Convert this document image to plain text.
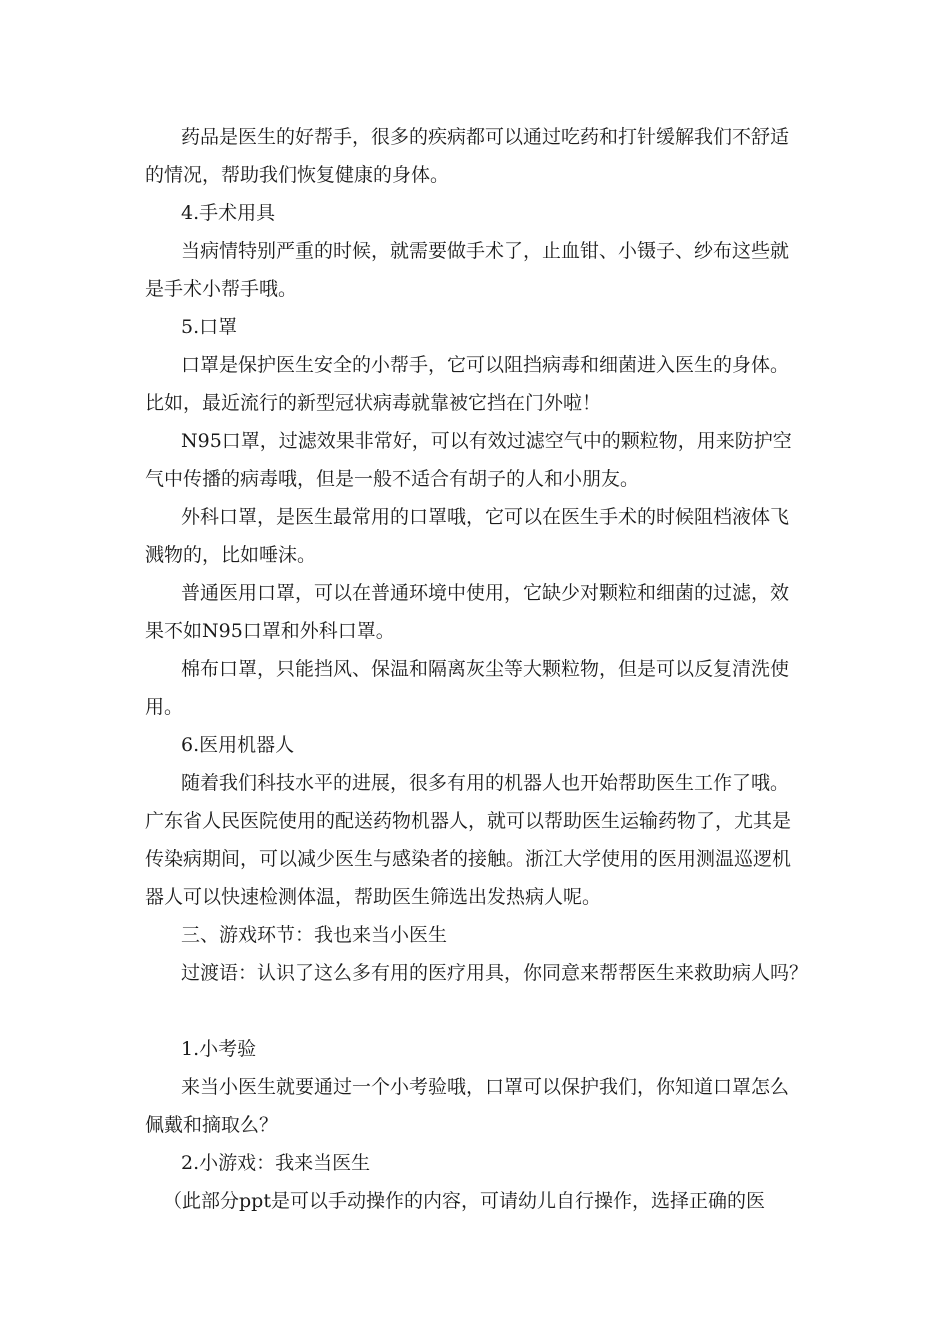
药品是医生的好帮手，很多的疾病都可以通过吃药和打针缓解我们不舒适
的情况，帮助我们恢复健康的身体。
4.手术用具
当病情特别严重的时候，就需要做手术了，止血钳、小镊子、纱布这些就
是手术小帮手哦。
5.口罩
口罩是保护医生安全的小帮手，它可以阻挡病毒和细菌进入医生的身体。
比如，最近流行的新型冠状病毒就靠被它挡在门外啦！
N95口罩，过滤效果非常好，可以有效过滤空气中的颗粒物，用来防护空
气中传播的病毒哦，但是一般不适合有胡子的人和小朋友。
外科口罩，是医生最常用的口罩哦，它可以在医生手术的时候阻档液体飞
溅物的，比如唾沫。
普通医用口罩，可以在普通环境中使用，它缺少对颗粒和细菌的过滤，效
果不如N95口罩和外科口罩。
棉布口罩，只能挡风、保温和隔离灰尘等大颗粒物，但是可以反复清洗使
用。
6.医用机器人
随着我们科技水平的进展，很多有用的机器人也开始帮助医生工作了哦。
广东省人民医院使用的配送药物机器人，就可以帮助医生运输药物了，尤其是
传染病期间，可以减少医生与感染者的接触。浙江大学使用的医用测温巡逻机
器人可以快速检测体温，帮助医生筛选出发热病人呢。
三、游戏环节：我也来当小医生
过渡语：认识了这么多有用的医疗用具，你同意来帮帮医生来救助病人吗？
1.小考验
来当小医生就要通过一个小考验哦，口罩可以保护我们，你知道口罩怎么
佩戴和摘取么？
2.小游戏：我来当医生
（此部分ppt是可以手动操作的内容，可请幼儿自行操作，选择正确的医
